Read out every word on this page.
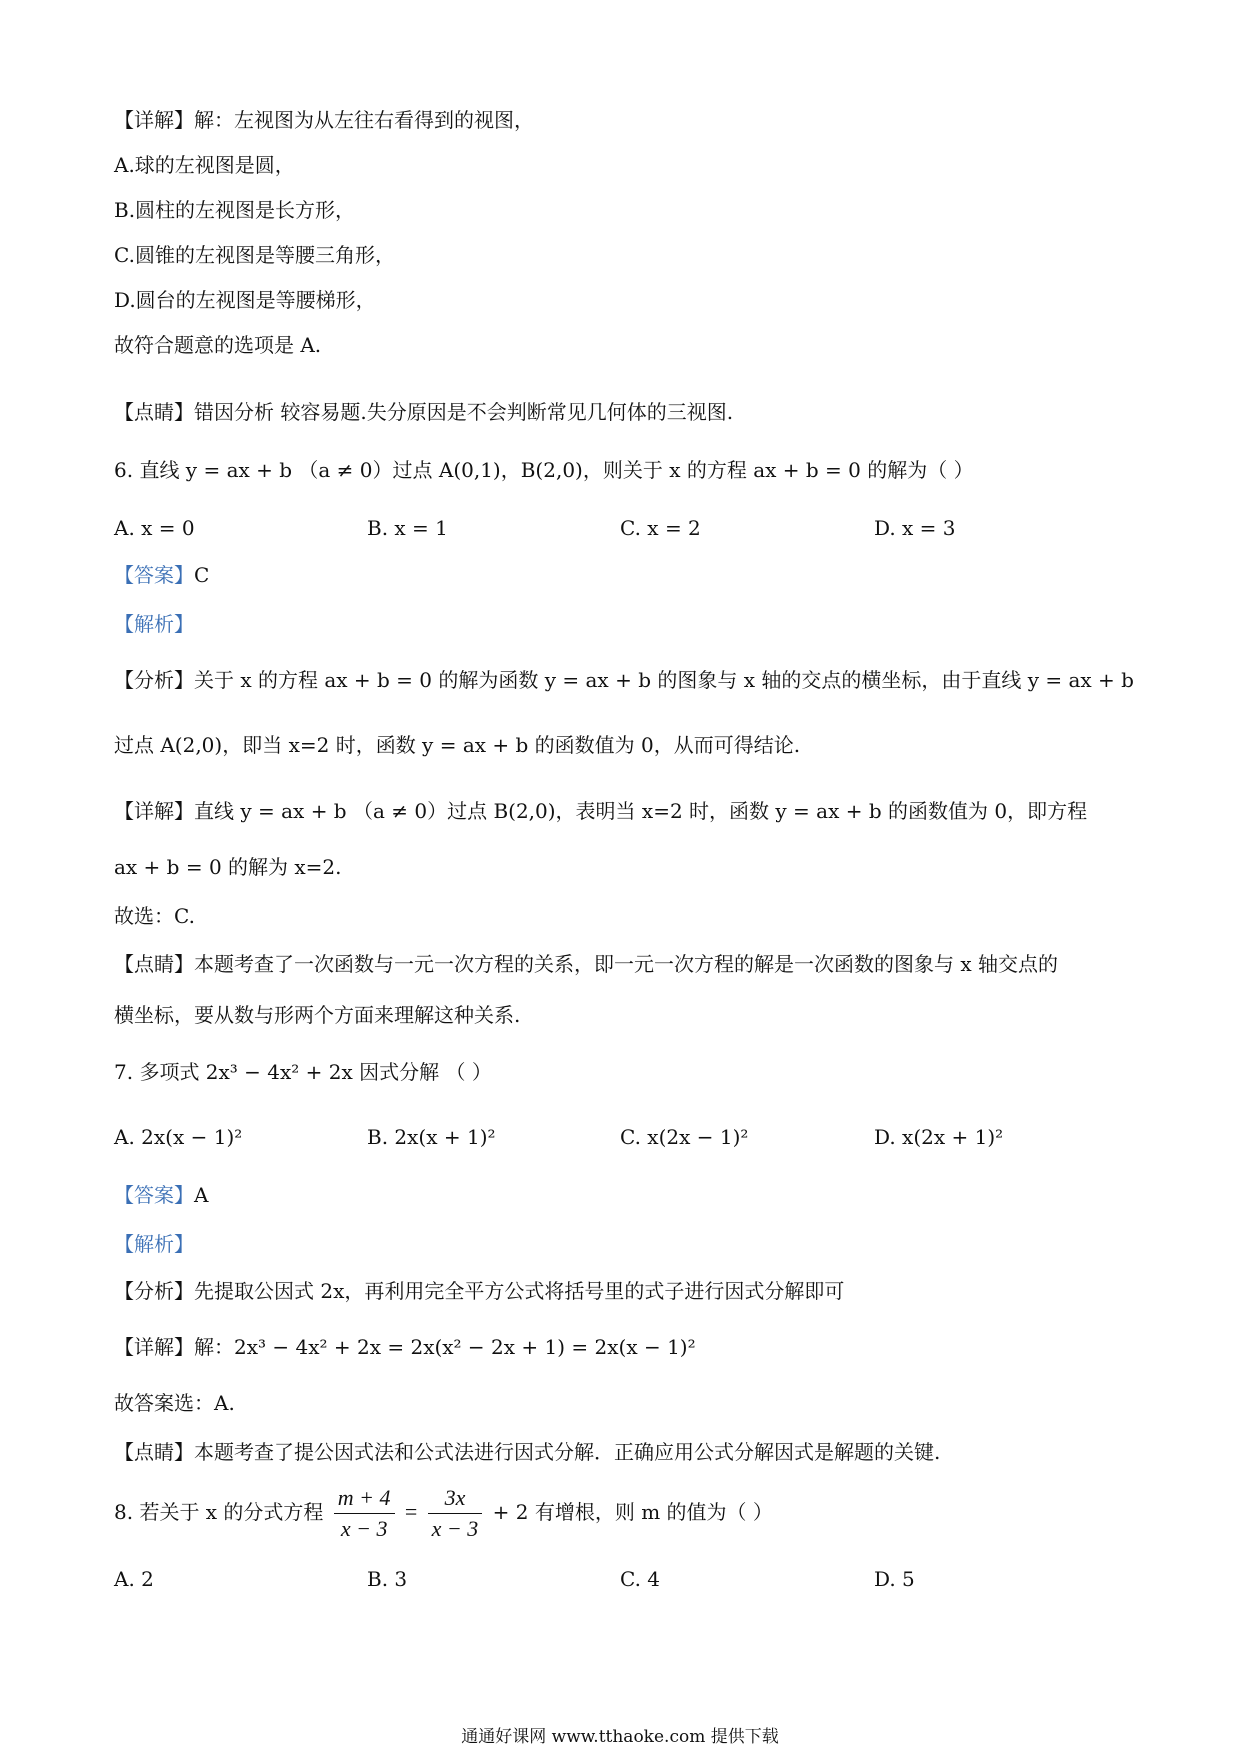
【详解】解：左视图为从左往右看得到的视图，
A.球的左视图是圆，
B.圆柱的左视图是长方形，
C.圆锥的左视图是等腰三角形，
D.圆台的左视图是等腰梯形，
故符合题意的选项是 A.
【点睛】错因分析 较容易题.失分原因是不会判断常见几何体的三视图.
6. 直线 y = ax + b （a ≠ 0）过点 A(0,1)，B(2,0)，则关于 x 的方程 ax + b = 0 的解为（ ）
A. x = 0	B. x = 1	C. x = 2	D. x = 3
【答案】C
【解析】
【分析】关于 x 的方程 ax + b = 0 的解为函数 y = ax + b 的图象与 x 轴的交点的横坐标，由于直线 y = ax + b
过点 A(2,0)，即当 x=2 时，函数 y = ax + b 的函数值为 0，从而可得结论.
【详解】直线 y = ax + b （a ≠ 0）过点 B(2,0)，表明当 x=2 时，函数 y = ax + b 的函数值为 0，即方程
ax + b = 0 的解为 x=2.
故选：C.
【点睛】本题考查了一次函数与一元一次方程的关系，即一元一次方程的解是一次函数的图象与 x 轴交点的
横坐标，要从数与形两个方面来理解这种关系.
7. 多项式 2x³ − 4x² + 2x 因式分解 （ ）
A. 2x(x − 1)²	B. 2x(x + 1)²	C. x(2x − 1)²	D. x(2x + 1)²
【答案】A
【解析】
【分析】先提取公因式 2x，再利用完全平方公式将括号里的式子进行因式分解即可
【详解】解：2x³ − 4x² + 2x = 2x(x² − 2x + 1) = 2x(x − 1)²
故答案选：A.
【点睛】本题考查了提公因式法和公式法进行因式分解．正确应用公式分解因式是解题的关键.
8. 若关于 x 的分式方程 $\frac{m + 4}{x - 3} = \frac{3x}{x - 3} + 2$ 有增根，则 m 的值为（ ）
A. 2	B. 3	C. 4	D. 5
通通好课网 www.tthaoke.com 提供下载
